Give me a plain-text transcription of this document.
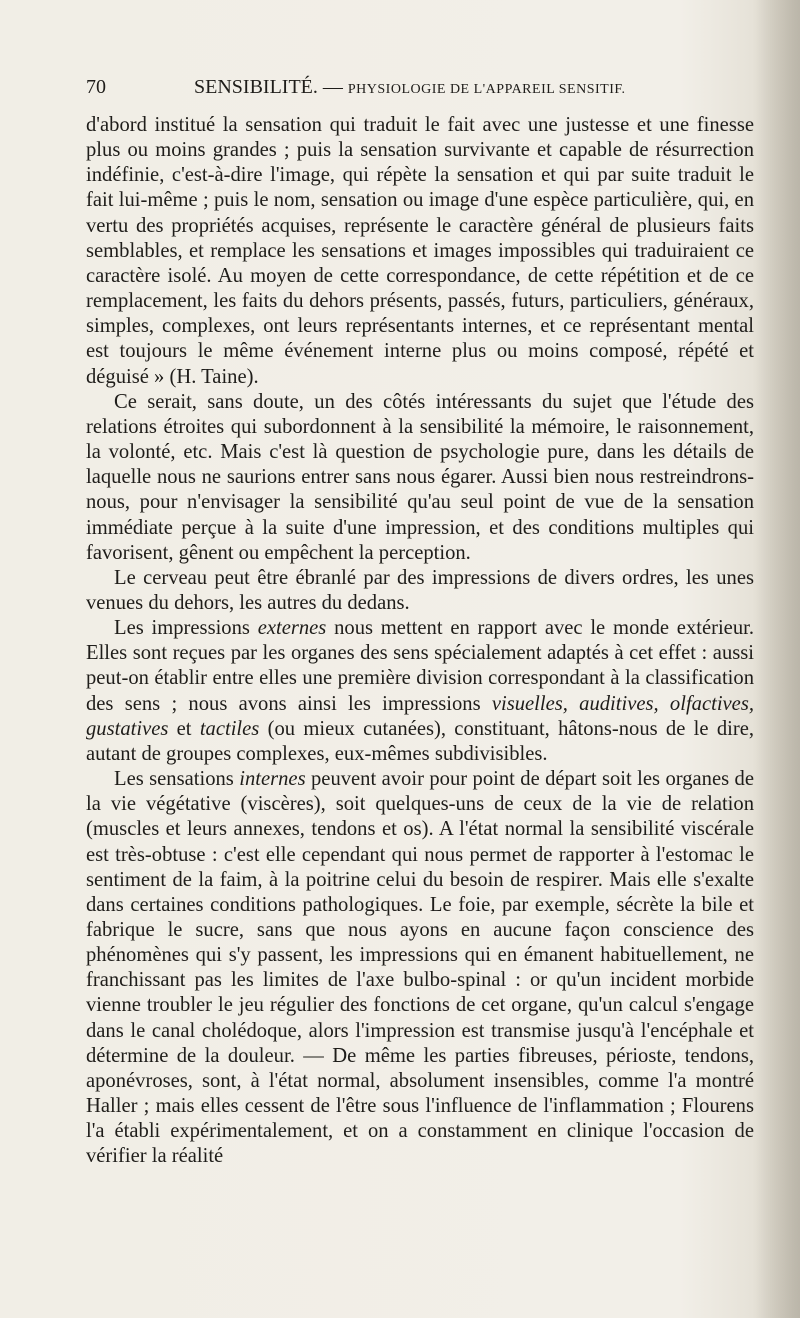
70	SENSIBILITÉ. — PHYSIOLOGIE DE L'APPAREIL SENSITIF.

d'abord institué la sensation qui traduit le fait avec une justesse et une finesse plus ou moins grandes ; puis la sensation survivante et capable de résurrection indéfinie, c'est-à-dire l'image, qui répète la sensation et qui par suite traduit le fait lui-même ; puis le nom, sensation ou image d'une espèce particulière, qui, en vertu des propriétés acquises, représente le caractère général de plusieurs faits semblables, et remplace les sensations et images impossibles qui traduiraient ce caractère isolé. Au moyen de cette correspondance, de cette répétition et de ce remplacement, les faits du dehors présents, passés, futurs, particuliers, généraux, simples, complexes, ont leurs représentants internes, et ce représentant mental est toujours le même événement interne plus ou moins composé, répété et déguisé » (H. Taine).

Ce serait, sans doute, un des côtés intéressants du sujet que l'étude des relations étroites qui subordonnent à la sensibilité la mémoire, le raisonnement, la volonté, etc. Mais c'est là question de psychologie pure, dans les détails de laquelle nous ne saurions entrer sans nous égarer. Aussi bien nous restreindrons-nous, pour n'envisager la sensibilité qu'au seul point de vue de la sensation immédiate perçue à la suite d'une impression, et des conditions multiples qui favorisent, gênent ou empêchent la perception.

Le cerveau peut être ébranlé par des impressions de divers ordres, les unes venues du dehors, les autres du dedans.

Les impressions externes nous mettent en rapport avec le monde extérieur. Elles sont reçues par les organes des sens spécialement adaptés à cet effet : aussi peut-on établir entre elles une première division correspondant à la classification des sens ; nous avons ainsi les impressions visuelles, auditives, olfactives, gustatives et tactiles (ou mieux cutanées), constituant, hâtons-nous de le dire, autant de groupes complexes, eux-mêmes subdivisibles.

Les sensations internes peuvent avoir pour point de départ soit les organes de la vie végétative (viscères), soit quelques-uns de ceux de la vie de relation (muscles et leurs annexes, tendons et os). A l'état normal la sensibilité viscérale est très-obtuse : c'est elle cependant qui nous permet de rapporter à l'estomac le sentiment de la faim, à la poitrine celui du besoin de respirer. Mais elle s'exalte dans certaines conditions pathologiques. Le foie, par exemple, sécrète la bile et fabrique le sucre, sans que nous ayons en aucune façon conscience des phénomènes qui s'y passent, les impressions qui en émanent habituellement, ne franchissant pas les limites de l'axe bulbo-spinal : or qu'un incident morbide vienne troubler le jeu régulier des fonctions de cet organe, qu'un calcul s'engage dans le canal cholédoque, alors l'impression est transmise jusqu'à l'encéphale et détermine de la douleur. — De même les parties fibreuses, périoste, tendons, aponévroses, sont, à l'état normal, absolument insensibles, comme l'a montré Haller ; mais elles cessent de l'être sous l'influence de l'inflammation ; Flourens l'a établi expérimentalement, et on a constamment en clinique l'occasion de vérifier la réalité
